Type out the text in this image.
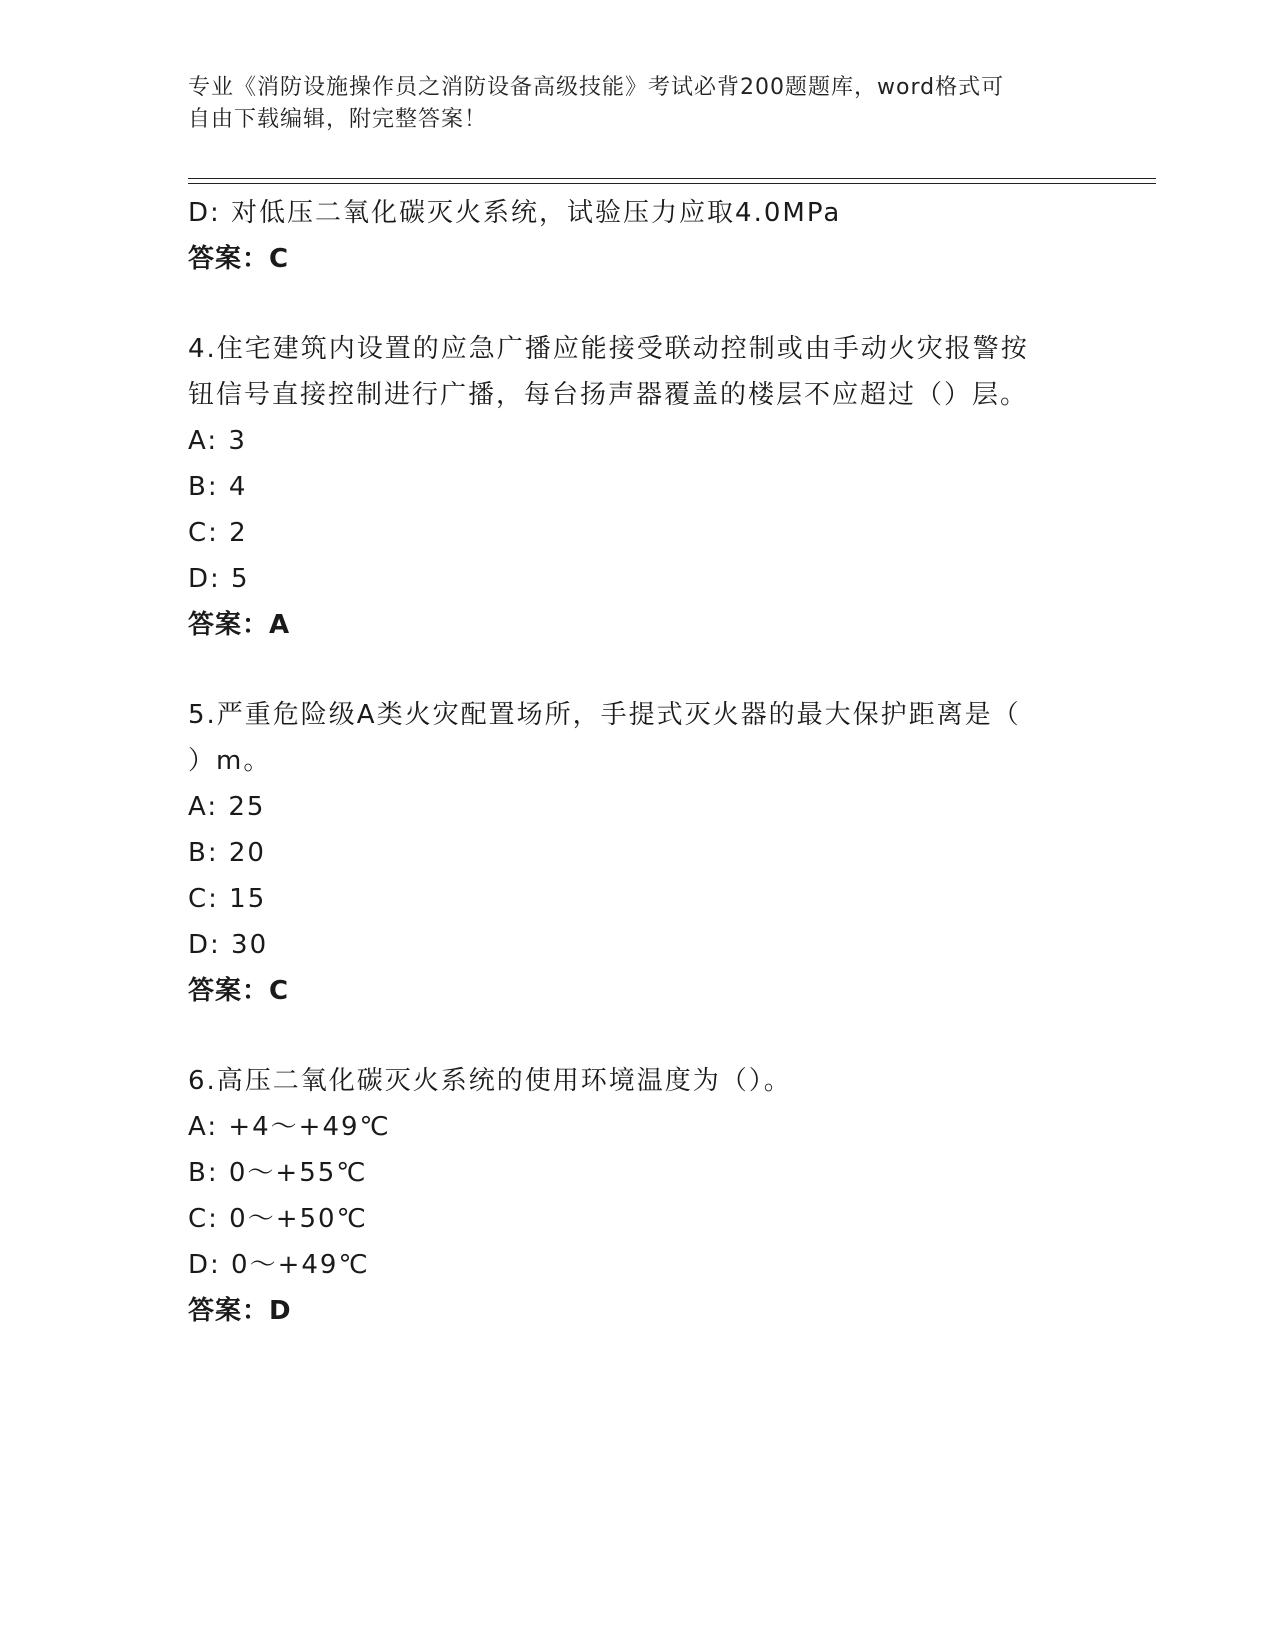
专业《消防设施操作员之消防设备高级技能》考试必背200题题库，word格式可
自由下载编辑，附完整答案！
D: 对低压二氧化碳灭火系统，试验压力应取4.0MPa
答案：C
4.住宅建筑内设置的应急广播应能接受联动控制或由手动火灾报警按
钮信号直接控制进行广播，每台扬声器覆盖的楼层不应超过（）层。
A: 3
B: 4
C: 2
D: 5
答案：A
5.严重危险级A类火灾配置场所，手提式灭火器的最大保护距离是（
）m。
A: 25
B: 20
C: 15
D: 30
答案：C
6.高压二氧化碳灭火系统的使用环境温度为（）。
A: +4～+49℃
B: 0～+55℃
C: 0～+50℃
D: 0～+49℃
答案：D
